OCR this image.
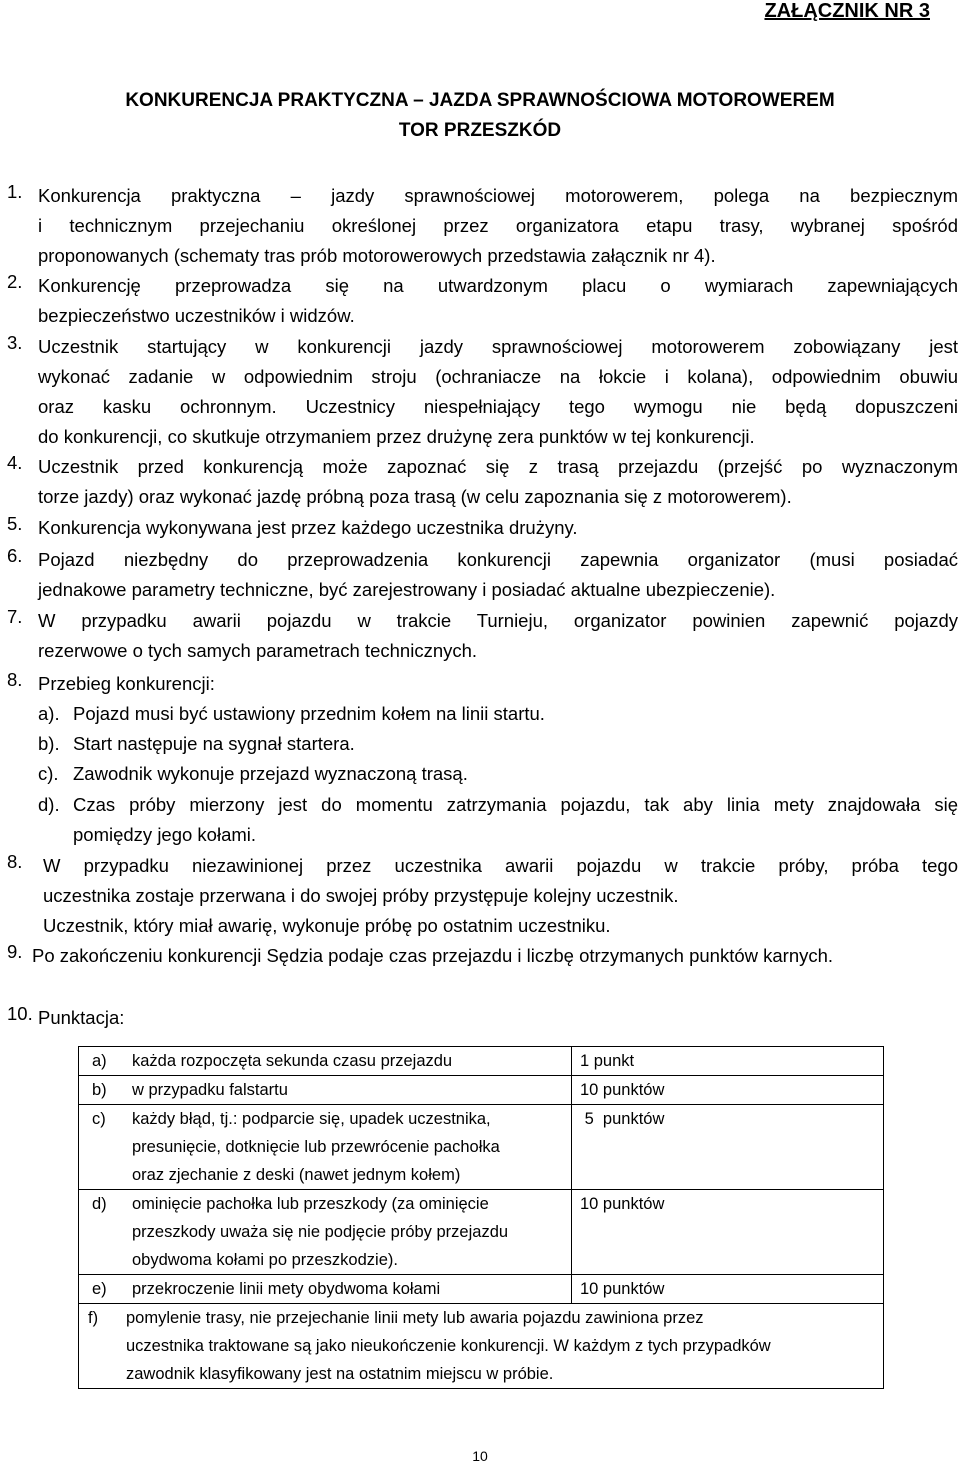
ZAŁĄCZNIK NR 3
KONKURENCJA PRAKTYCZNA – JAZDA SPRAWNOŚCIOWA MOTOROWEREM
TOR PRZESZKÓD
1. Konkurencja praktyczna – jazdy sprawnościowej motorowerem, polega na bezpiecznym
i technicznym przejechaniu określonej przez organizatora etapu trasy, wybranej spośród
proponowanych (schematy tras prób motorowerowych przedstawia załącznik nr 4).
2. Konkurencję przeprowadza się na utwardzonym placu o wymiarach zapewniających
bezpieczeństwo uczestników i widzów.
3. Uczestnik startujący w konkurencji jazdy sprawnościowej motorowerem zobowiązany jest
wykonać zadanie w odpowiednim stroju (ochraniacze na łokcie i kolana), odpowiednim obuwiu
oraz kasku ochronnym. Uczestnicy niespełniający tego wymogu nie będą dopuszczeni
do konkurencji, co skutkuje otrzymaniem przez drużynę zera punktów w tej konkurencji.
4. Uczestnik przed konkurencją może zapoznać się z trasą przejazdu (przejść po wyznaczonym
torze jazdy) oraz wykonać jazdę próbną poza trasą (w celu zapoznania się z motorowerem).
5. Konkurencja wykonywana jest przez każdego uczestnika drużyny.
6. Pojazd niezbędny do przeprowadzenia konkurencji zapewnia organizator (musi posiadać
jednakowe parametry techniczne, być zarejestrowany i posiadać aktualne ubezpieczenie).
7. W przypadku awarii pojazdu w trakcie Turnieju, organizator powinien zapewnić pojazdy
rezerwowe o tych samych parametrach technicznych.
8. Przebieg konkurencji:
a). Pojazd musi być ustawiony przednim kołem na linii startu.
b). Start następuje na sygnał startera.
c). Zawodnik wykonuje przejazd wyznaczoną trasą.
d). Czas próby mierzony jest do momentu zatrzymania pojazdu, tak aby linia mety znajdowała się
pomiędzy jego kołami.
8. W przypadku niezawinionej przez uczestnika awarii pojazdu w trakcie próby, próba tego
uczestnika zostaje przerwana i do swojej próby przystępuje kolejny uczestnik.
Uczestnik, który miał awarię, wykonuje próbę po ostatnim uczestniku.
9. Po zakończeniu konkurencji Sędzia podaje czas przejazdu i liczbę otrzymanych punktów karnych.
10. Punktacja:
a) każda rozpoczęta sekunda czasu przejazdu	1 punkt

b) w przypadku falstartu	10 punktów

c) każdy błąd, tj.: podparcie się, upadek uczestnika,
presunięcie, dotknięcie lub przewrócenie pachołka
oraz zjechanie z deski (nawet jednym kołem)	5  punktów

d) ominięcie pachołka lub przeszkody (za ominięcie
przeszkody uważa się nie podjęcie próby przejazdu
obydwoma kołami po przeszkodzie).	10 punktów

e) przekroczenie linii mety obydwoma kołami	10 punktów

f) pomylenie trasy, nie przejechanie linii mety lub awaria pojazdu zawiniona przez
uczestnika traktowane są jako nieukończenie konkurencji. W każdym z tych przypadków
zawodnik klasyfikowany jest na ostatnim miejscu w próbie.	
10
